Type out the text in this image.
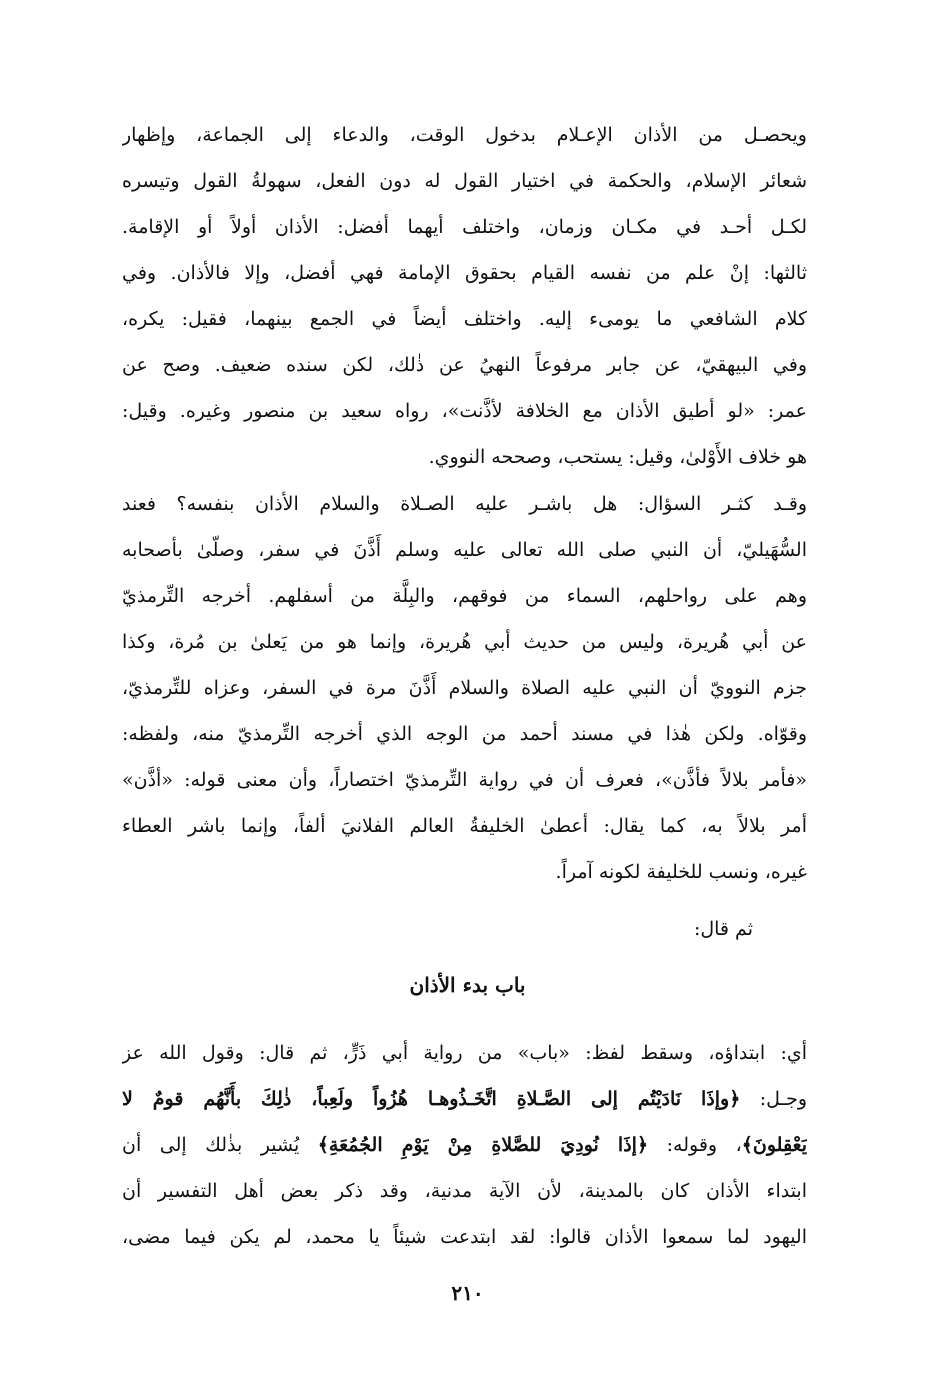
ويحصـل من الأذان الإعـلام بدخول الوقت، والدعاء إلى الجماعة، وإظهار
شعائر الإسلام، والحكمة في اختيار القول له دون الفعل، سهولةُ القول وتيسره
لكـل أحـد في مكـان وزمان، واختلف أيهما أفضل: الأذان أولاً أو الإقامة.
ثالثها: إنْ علم من نفسه القيام بحقوق الإمامة فهي أفضل، وإلا فالأذان. وفي
كلام الشافعي ما يومىء إليه. واختلف أيضاً في الجمع بينهما، فقيل: يكره،
وفي البيهقيّ، عن جابر مرفوعاً النهيُ عن ذٰلك، لكن سنده ضعيف. وصح عن
عمر: «لو أطيق الأذان مع الخلافة لأذَّنت»، رواه سعيد بن منصور وغيره. وقيل:
هو خلاف الأَوْلىٰ، وقيل: يستحب، وصححه النووي.
وقـد كثـر السؤال: هل باشـر عليه الصـلاة والسلام الأذان بنفسه؟ فعند
السُّهَيليّ، أن النبي صلى الله تعالى عليه وسلم أَذَّنَ في سفر، وصلّىٰ بأصحابه
وهم على رواحلهم، السماء من فوقهم، والبِلَّة من أسفلهم. أخرجه التِّرمذيّ
عن أبي هُريرة، وليس من حديث أبي هُريرة، وإنما هو من يَعلىٰ بن مُرة، وكذا
جزم النوويّ أن النبي عليه الصلاة والسلام أَذَّنَ مرة في السفر، وعزاه للتِّرمذيّ،
وقوّاه. ولكن هٰذا في مسند أحمد من الوجه الذي أخرجه التِّرمذيّ منه، ولفظه:
«فأمر بلالاً فأذَّن»، فعرف أن في رواية التِّرمذيّ اختصاراً، وأن معنى قوله: «أذَّن»
أمر بلالاً به، كما يقال: أعطىٰ الخليفةُ العالم الفلانيَ ألفاً، وإنما باشر العطاء
غيره، ونسب للخليفة لكونه آمراً.
ثم قال:
باب بدء الأذان
أي: ابتداؤه، وسقط لفظ: «باب» من رواية أبي ذَرٍّ، ثم قال: وقول الله عز
وجـل: ﴿وإذَا نَادَيْتُم إلى الصَّـلاةِ اتَّخَـذُوهـا هُزُواً ولَعِباً، ذٰلِكَ بأَنَّهُم قومٌ لا
يَعْقِلونَ﴾، وقوله: ﴿إذَا نُودِيَ للصَّلاةِ مِنْ يَوْمِ الجُمُعَةِ﴾ يُشير بذٰلك إلى أن
ابتداء الأذان كان بالمدينة، لأن الآية مدنية، وقد ذكر بعض أهل التفسير أن
اليهود لما سمعوا الأذان قالوا: لقد ابتدعت شيئاً يا محمد، لم يكن فيما مضى،
٢١٠
